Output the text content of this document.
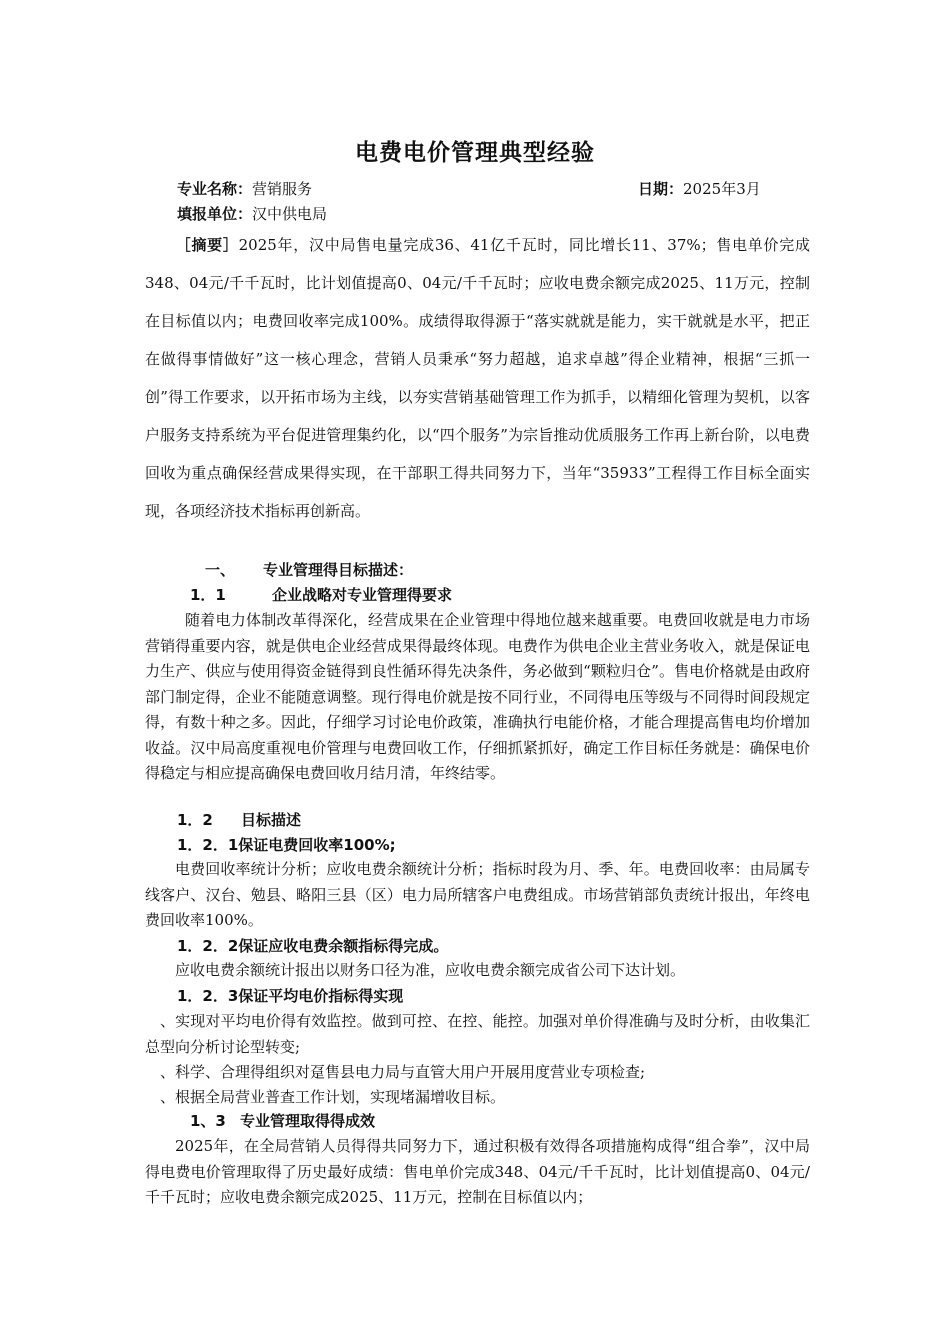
电费电价管理典型经验
专业名称：营销服务	日期：2025年3月
填报单位：汉中供电局
［摘要］2025年，汉中局售电量完成36、41亿千瓦时，同比增长11、37%；售电单价完成348、04元/千千瓦时，比计划值提高0、04元/千千瓦时；应收电费余额完成2025、11万元，控制在目标值以内；电费回收率完成100%。成绩得取得源于“落实就就是能力，实干就就是水平，把正在做得事情做好”这一核心理念，营销人员秉承“努力超越，追求卓越”得企业精神，根据“三抓一创”得工作要求，以开拓市场为主线，以夯实营销基础管理工作为抓手，以精细化管理为契机，以客户服务支持系统为平台促进管理集约化，以“四个服务”为宗旨推动优质服务工作再上新台阶，以电费回收为重点确保经营成果得实现，在干部职工得共同努力下，当年“35933”工程得工作目标全面实现，各项经济技术指标再创新高。
一、 专业管理得目标描述：
1．1	企业战略对专业管理得要求
随着电力体制改革得深化，经营成果在企业管理中得地位越来越重要。电费回收就是电力市场营销得重要内容，就是供电企业经营成果得最终体现。电费作为供电企业主营业务收入，就是保证电力生产、供应与使用得资金链得到良性循环得先决条件，务必做到“颗粒归仓”。售电价格就是由政府部门制定得，企业不能随意调整。现行得电价就是按不同行业，不同得电压等级与不同得时间段规定得，有数十种之多。因此，仔细学习讨论电价政策，准确执行电能价格，才能合理提高售电均价增加收益。汉中局高度重视电价管理与电费回收工作，仔细抓紧抓好，确定工作目标任务就是：确保电价得稳定与相应提高确保电费回收月结月清，年终结零。
1．2 目标描述
1．2．1保证电费回收率100%;
电费回收率统计分析；应收电费余额统计分析；指标时段为月、季、年。电费回收率：由局属专线客户、汉台、勉县、略阳三县（区）电力局所辖客户电费组成。市场营销部负责统计报出，年终电费回收率100%。
1．2．2保证应收电费余额指标得完成。
应收电费余额统计报出以财务口径为准，应收电费余额完成省公司下达计划。
1．2．3保证平均电价指标得实现
、实现对平均电价得有效监控。做到可控、在控、能控。加强对单价得准确与及时分析，由收集汇总型向分析讨论型转变;
、科学、合理得组织对趸售县电力局与直管大用户开展用度营业专项检查;
、根据全局营业普查工作计划，实现堵漏增收目标。
1、3 专业管理取得得成效
2025年，在全局营销人员得得共同努力下，通过积极有效得各项措施构成得“组合拳”，汉中局得电费电价管理取得了历史最好成绩：售电单价完成348、04元/千千瓦时，比计划值提高0、04元/千千瓦时；应收电费余额完成2025、11万元，控制在目标值以内；
